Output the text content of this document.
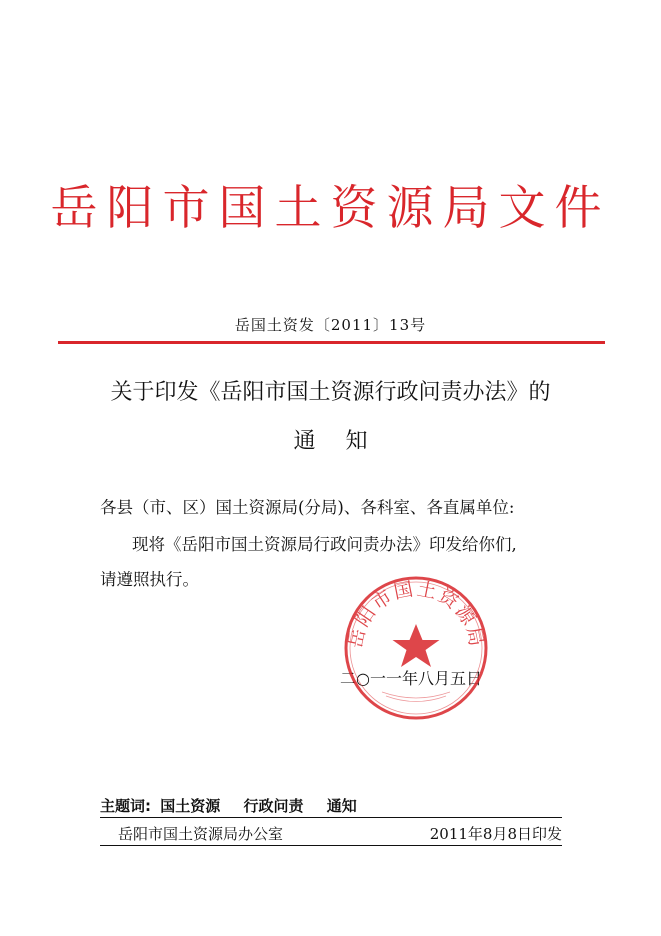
岳阳市国土资源局文件
岳国土资发〔2011〕13号
关于印发《岳阳市国土资源行政问责办法》的
通知
各县（市、区）国土资源局(分局)、各科室、各直属单位:
现将《岳阳市国土资源局行政问责办法》印发给你们,
请遵照执行。
二○一一年八月五日
岳阳市国土资源局
主题词: 国土资源 行政问责 通知
岳阳市国土资源局办公室	2011年8月8日印发
